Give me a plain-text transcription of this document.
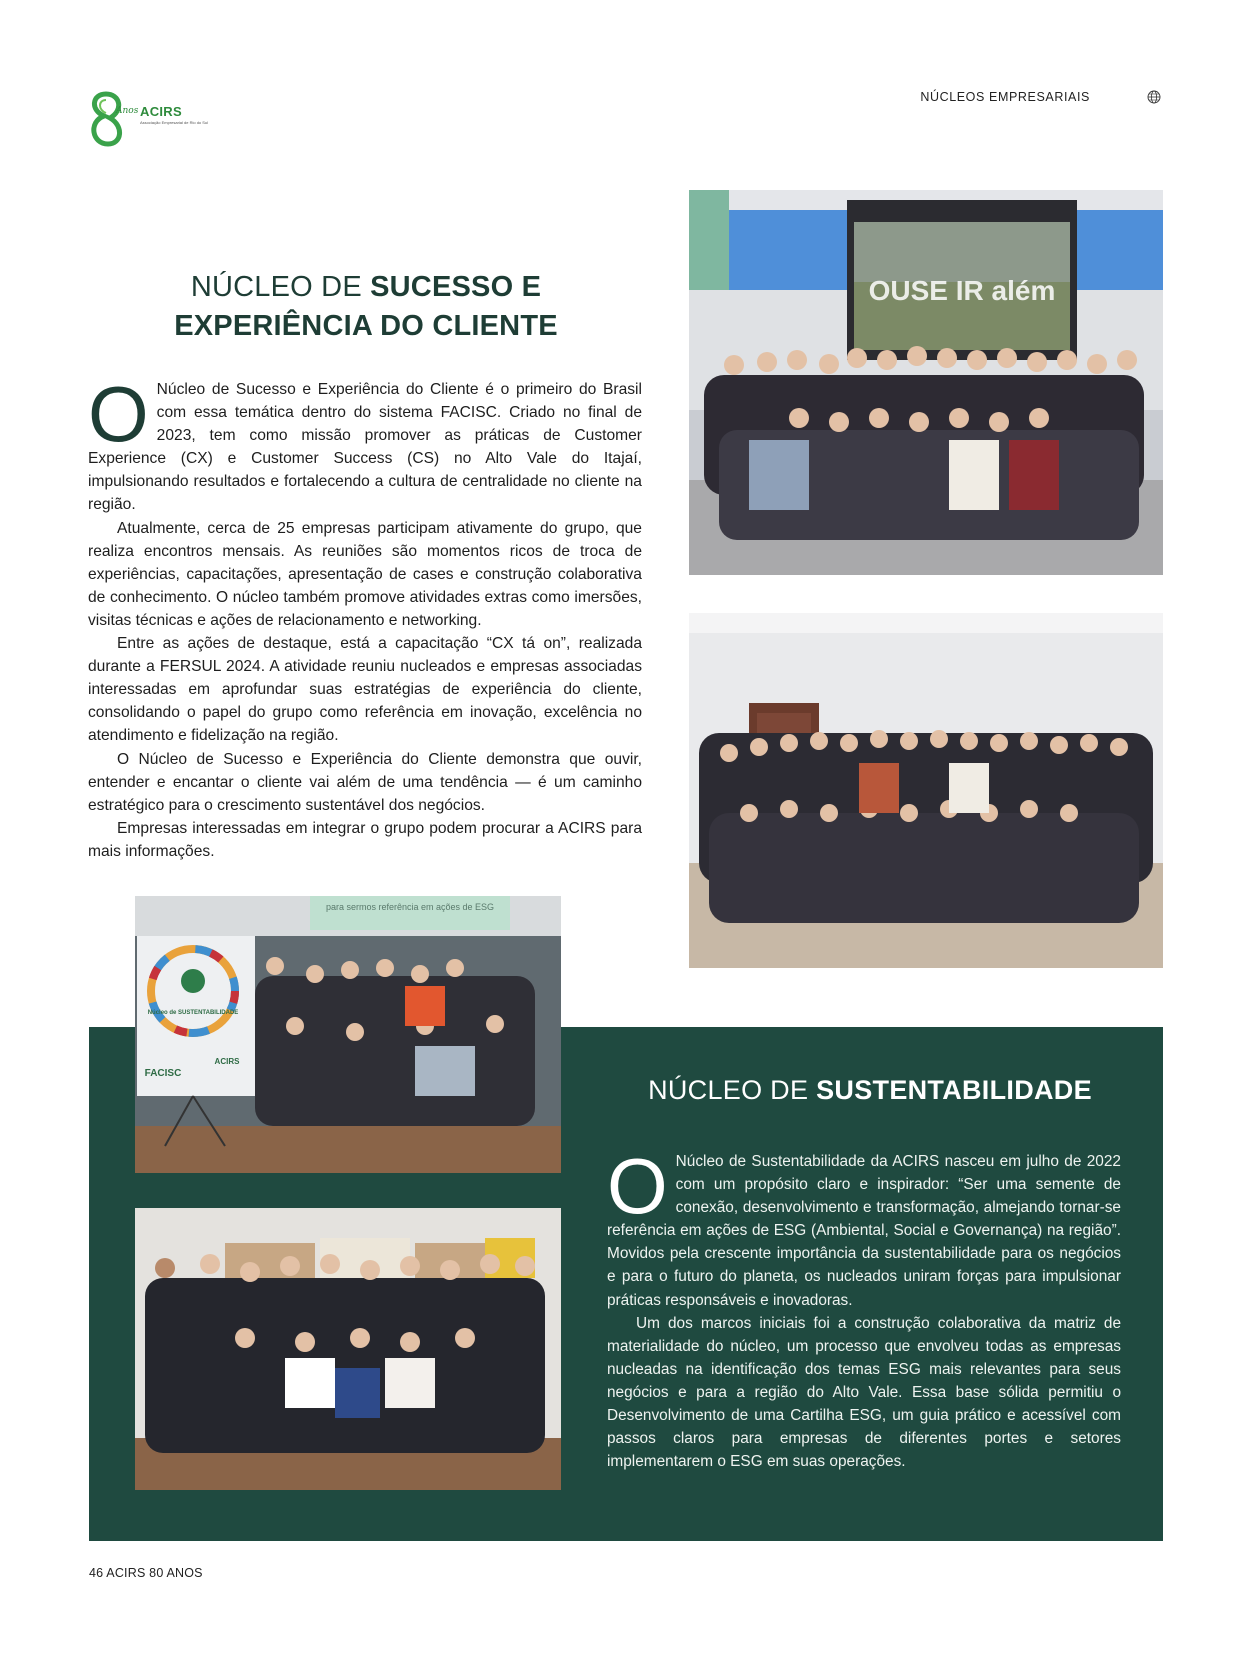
Anos ACIRS
Associação Empresarial de Rio do Sul
NÚCLEOS EMPRESARIAIS
NÚCLEO DE SUCESSO E
EXPERIÊNCIA DO CLIENTE

O Núcleo de Sucesso e Experiência do Cliente é o primeiro do Brasil com essa temática dentro do sistema FACISC. Criado no final de 2023, tem como missão promover as práticas de Customer Experience (CX) e Customer Success (CS) no Alto Vale do Itajaí, impulsionando resultados e fortalecendo a cultura de centralidade no cliente na região.

Atualmente, cerca de 25 empresas participam ativamente do grupo, que realiza encontros mensais. As reuniões são momentos ricos de troca de experiências, capacitações, apresentação de cases e construção colaborativa de conhecimento. O núcleo também promove atividades extras como imersões, visitas técnicas e ações de relacionamento e networking.

Entre as ações de destaque, está a capacitação “CX tá on”, realizada durante a FERSUL 2024. A atividade reuniu nucleados e empresas associadas interessadas em aprofundar suas estratégias de experiência do cliente, consolidando o papel do grupo como referência em inovação, excelência no atendimento e fidelização na região.

O Núcleo de Sucesso e Experiência do Cliente demonstra que ouvir, entender e encantar o cliente vai além de uma tendência — é um caminho estratégico para o crescimento sustentável dos negócios.

Empresas interessadas em integrar o grupo podem procurar a ACIRS para mais informações.

OUSE IR além
para sermos referência em ações de ESG
Núcleo de SUSTENTABILIDADE
FACISC
ACIRS
NÚCLEO DE SUSTENTABILIDADE

O Núcleo de Sustentabilidade da ACIRS nasceu em julho de 2022 com um propósito claro e inspirador: “Ser uma semente de conexão, desenvolvimento e transformação, almejando tornar-se referência em ações de ESG (Ambiental, Social e Governança) na região”. Movidos pela crescente importância da sustentabilidade para os negócios e para o futuro do planeta, os nucleados uniram forças para impulsionar práticas responsáveis e inovadoras.

Um dos marcos iniciais foi a construção colaborativa da matriz de materialidade do núcleo, um processo que envolveu todas as empresas nucleadas na identificação dos temas ESG mais relevantes para seus negócios e para a região do Alto Vale. Essa base sólida permitiu o Desenvolvimento de uma Cartilha ESG, um guia prático e acessível com passos claros para empresas de diferentes portes e setores implementarem o ESG em suas operações.

46 ACIRS 80 ANOS
